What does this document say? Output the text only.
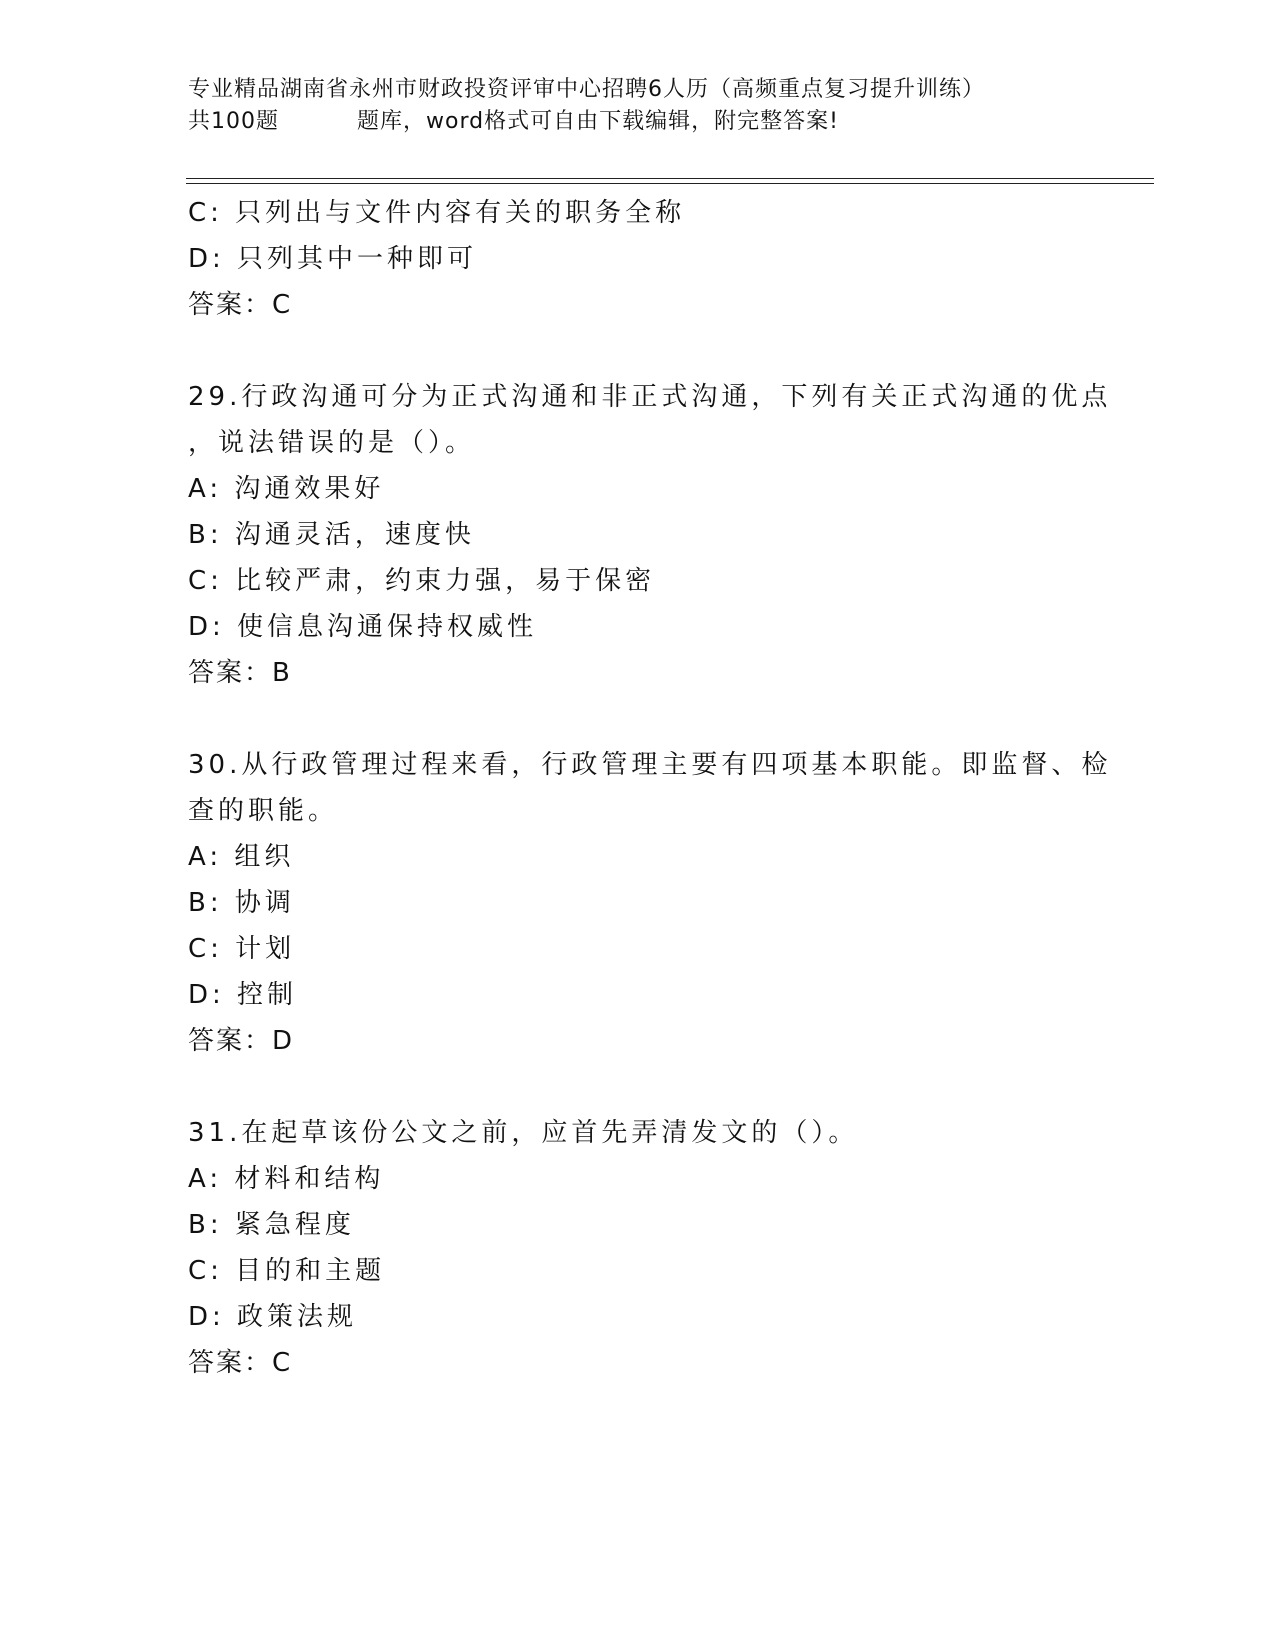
专业精品湖南省永州市财政投资评审中心招聘6人历（高频重点复习提升训练）
共100题	题库，word格式可自由下载编辑，附完整答案!
C: 只列出与文件内容有关的职务全称
D: 只列其中一种即可
答案：C
29.行政沟通可分为正式沟通和非正式沟通，下列有关正式沟通的优点
，说法错误的是（）。
A: 沟通效果好
B: 沟通灵活，速度快
C: 比较严肃，约束力强，易于保密
D: 使信息沟通保持权威性
答案：B
30.从行政管理过程来看，行政管理主要有四项基本职能。即监督、检
查的职能。
A: 组织
B: 协调
C: 计划
D: 控制
答案：D
31.在起草该份公文之前，应首先弄清发文的（）。
A: 材料和结构
B: 紧急程度
C: 目的和主题
D: 政策法规
答案：C
